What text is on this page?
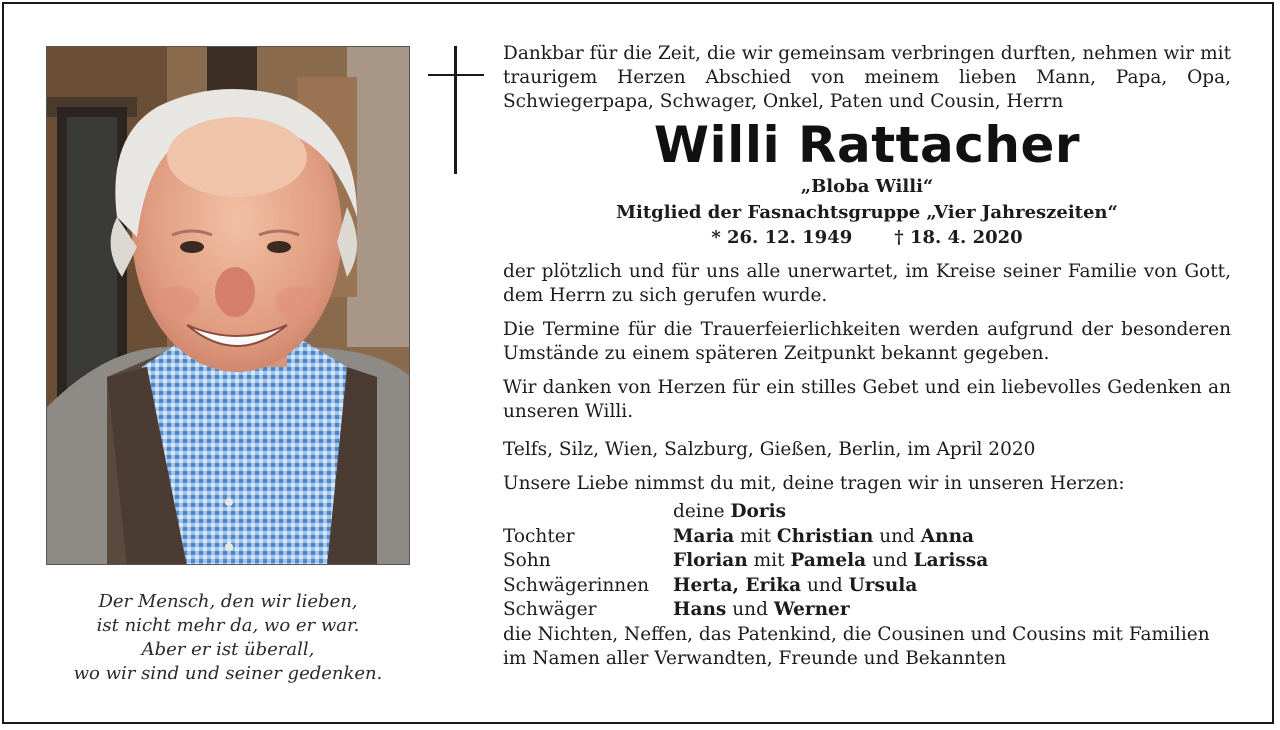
Der Mensch, den wir lieben,
ist nicht mehr da, wo er war.
Aber er ist überall,
wo wir sind und seiner gedenken.
Dankbar für die Zeit, die wir gemeinsam verbringen durften, nehmen wir mit traurigem Herzen Abschied von meinem lieben Mann, Papa, Opa, Schwiegerpapa, Schwager, Onkel, Paten und Cousin, Herrn
Willi Rattacher
„Bloba Willi“
Mitglied der Fasnachtsgruppe „Vier Jahreszeiten“
* 26. 12. 1949 † 18. 4. 2020
der plötzlich und für uns alle unerwartet, im Kreise seiner Familie von Gott, dem Herrn zu sich gerufen wurde.
Die Termine für die Trauerfeierlichkeiten werden aufgrund der besonderen Umstände zu einem späteren Zeitpunkt bekannt gegeben.
Wir danken von Herzen für ein stilles Gebet und ein liebevolles Gedenken an unseren Willi.
Telfs, Silz, Wien, Salzburg, Gießen, Berlin, im April 2020
Unsere Liebe nimmst du mit, deine tragen wir in unseren Herzen:
	deine Doris
Tochter	Maria mit Christian und Anna
Sohn	Florian mit Pamela und Larissa
Schwägerinnen	Herta, Erika und Ursula
Schwäger	Hans und Werner
die Nichten, Neffen, das Patenkind, die Cousinen und Cousins mit Familien
im Namen aller Verwandten, Freunde und Bekannten
